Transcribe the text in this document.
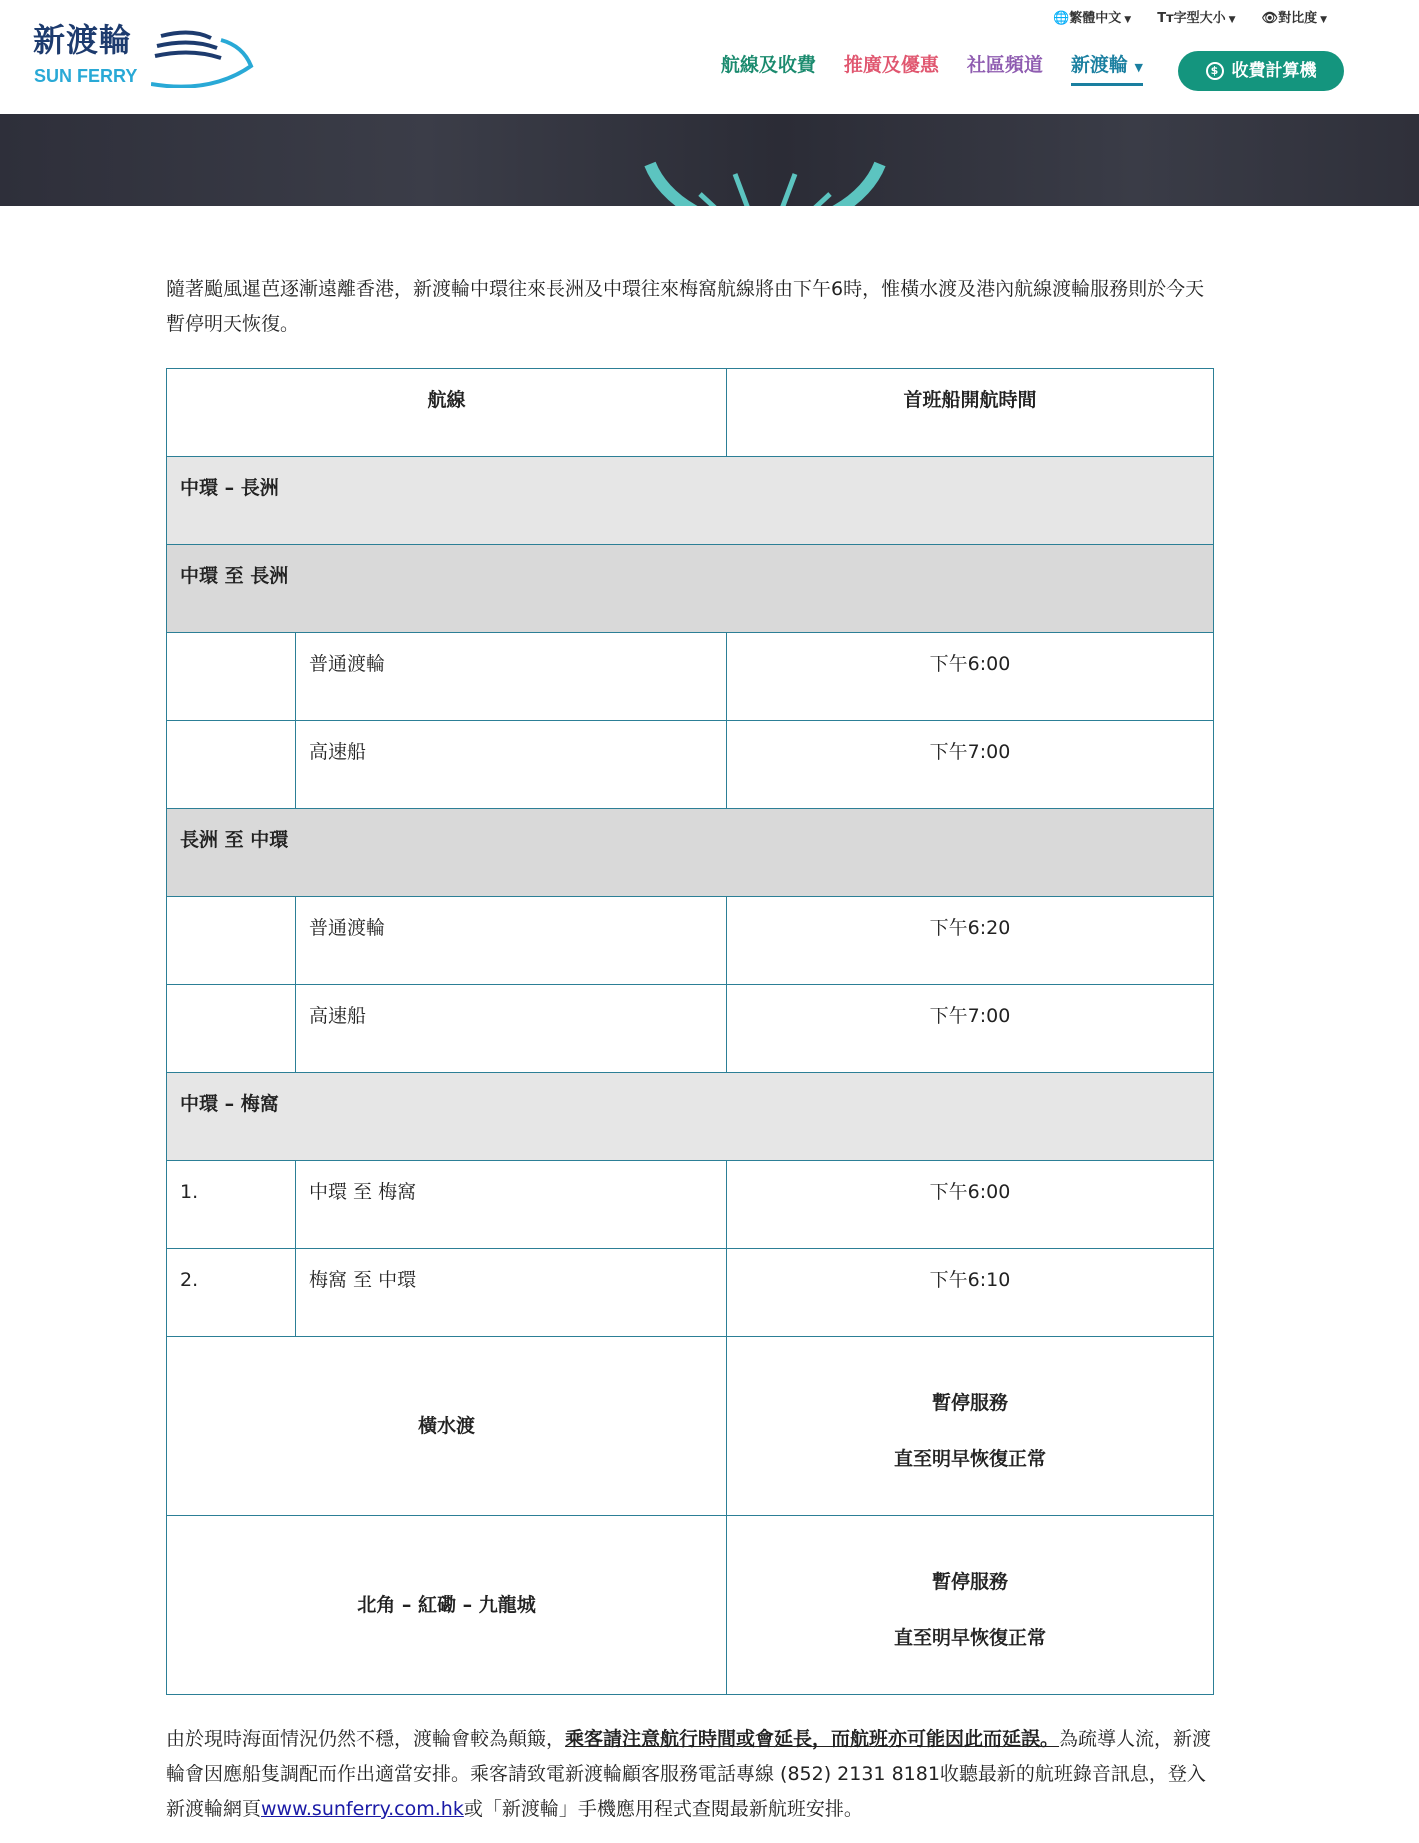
新渡輪
SUN FERRY
🌐繁體中文 ▼ Tт字型大小 ▼ 👁對比度 ▼
航線及收費 推廣及優惠 社區頻道 新渡輪 ▼	$ 收費計算機

隨著颱風暹芭逐漸遠離香港，新渡輪中環往來長洲及中環往來梅窩航線將由下午6時，惟橫水渡及港內航線渡輪服務則於今天暫停明天恢復。

航線		首班船開航時間
中環 – 長洲		
中環 至 長洲		
	普通渡輪	下午6:00
	高速船	下午7:00
長洲 至 中環		
	普通渡輪	下午6:20
	高速船	下午7:00
中環 – 梅窩		
1.	中環 至 梅窩	下午6:00
2.	梅窩 至 中環	下午6:10
橫水渡		暫停服務
直至明早恢復正常

北角 – 紅磡 – 九龍城		暫停服務
直至明早恢復正常

由於現時海面情況仍然不穩，渡輪會較為顛簸，乘客請注意航行時間或會延長，而航班亦可能因此而延誤。為疏導人流，新渡輪會因應船隻調配而作出適當安排。乘客請致電新渡輪顧客服務電話專線 (852) 2131 8181收聽最新的航班錄音訊息，登入新渡輪網頁www.sunferry.com.hk或「新渡輪」手機應用程式查閱最新航班安排。
